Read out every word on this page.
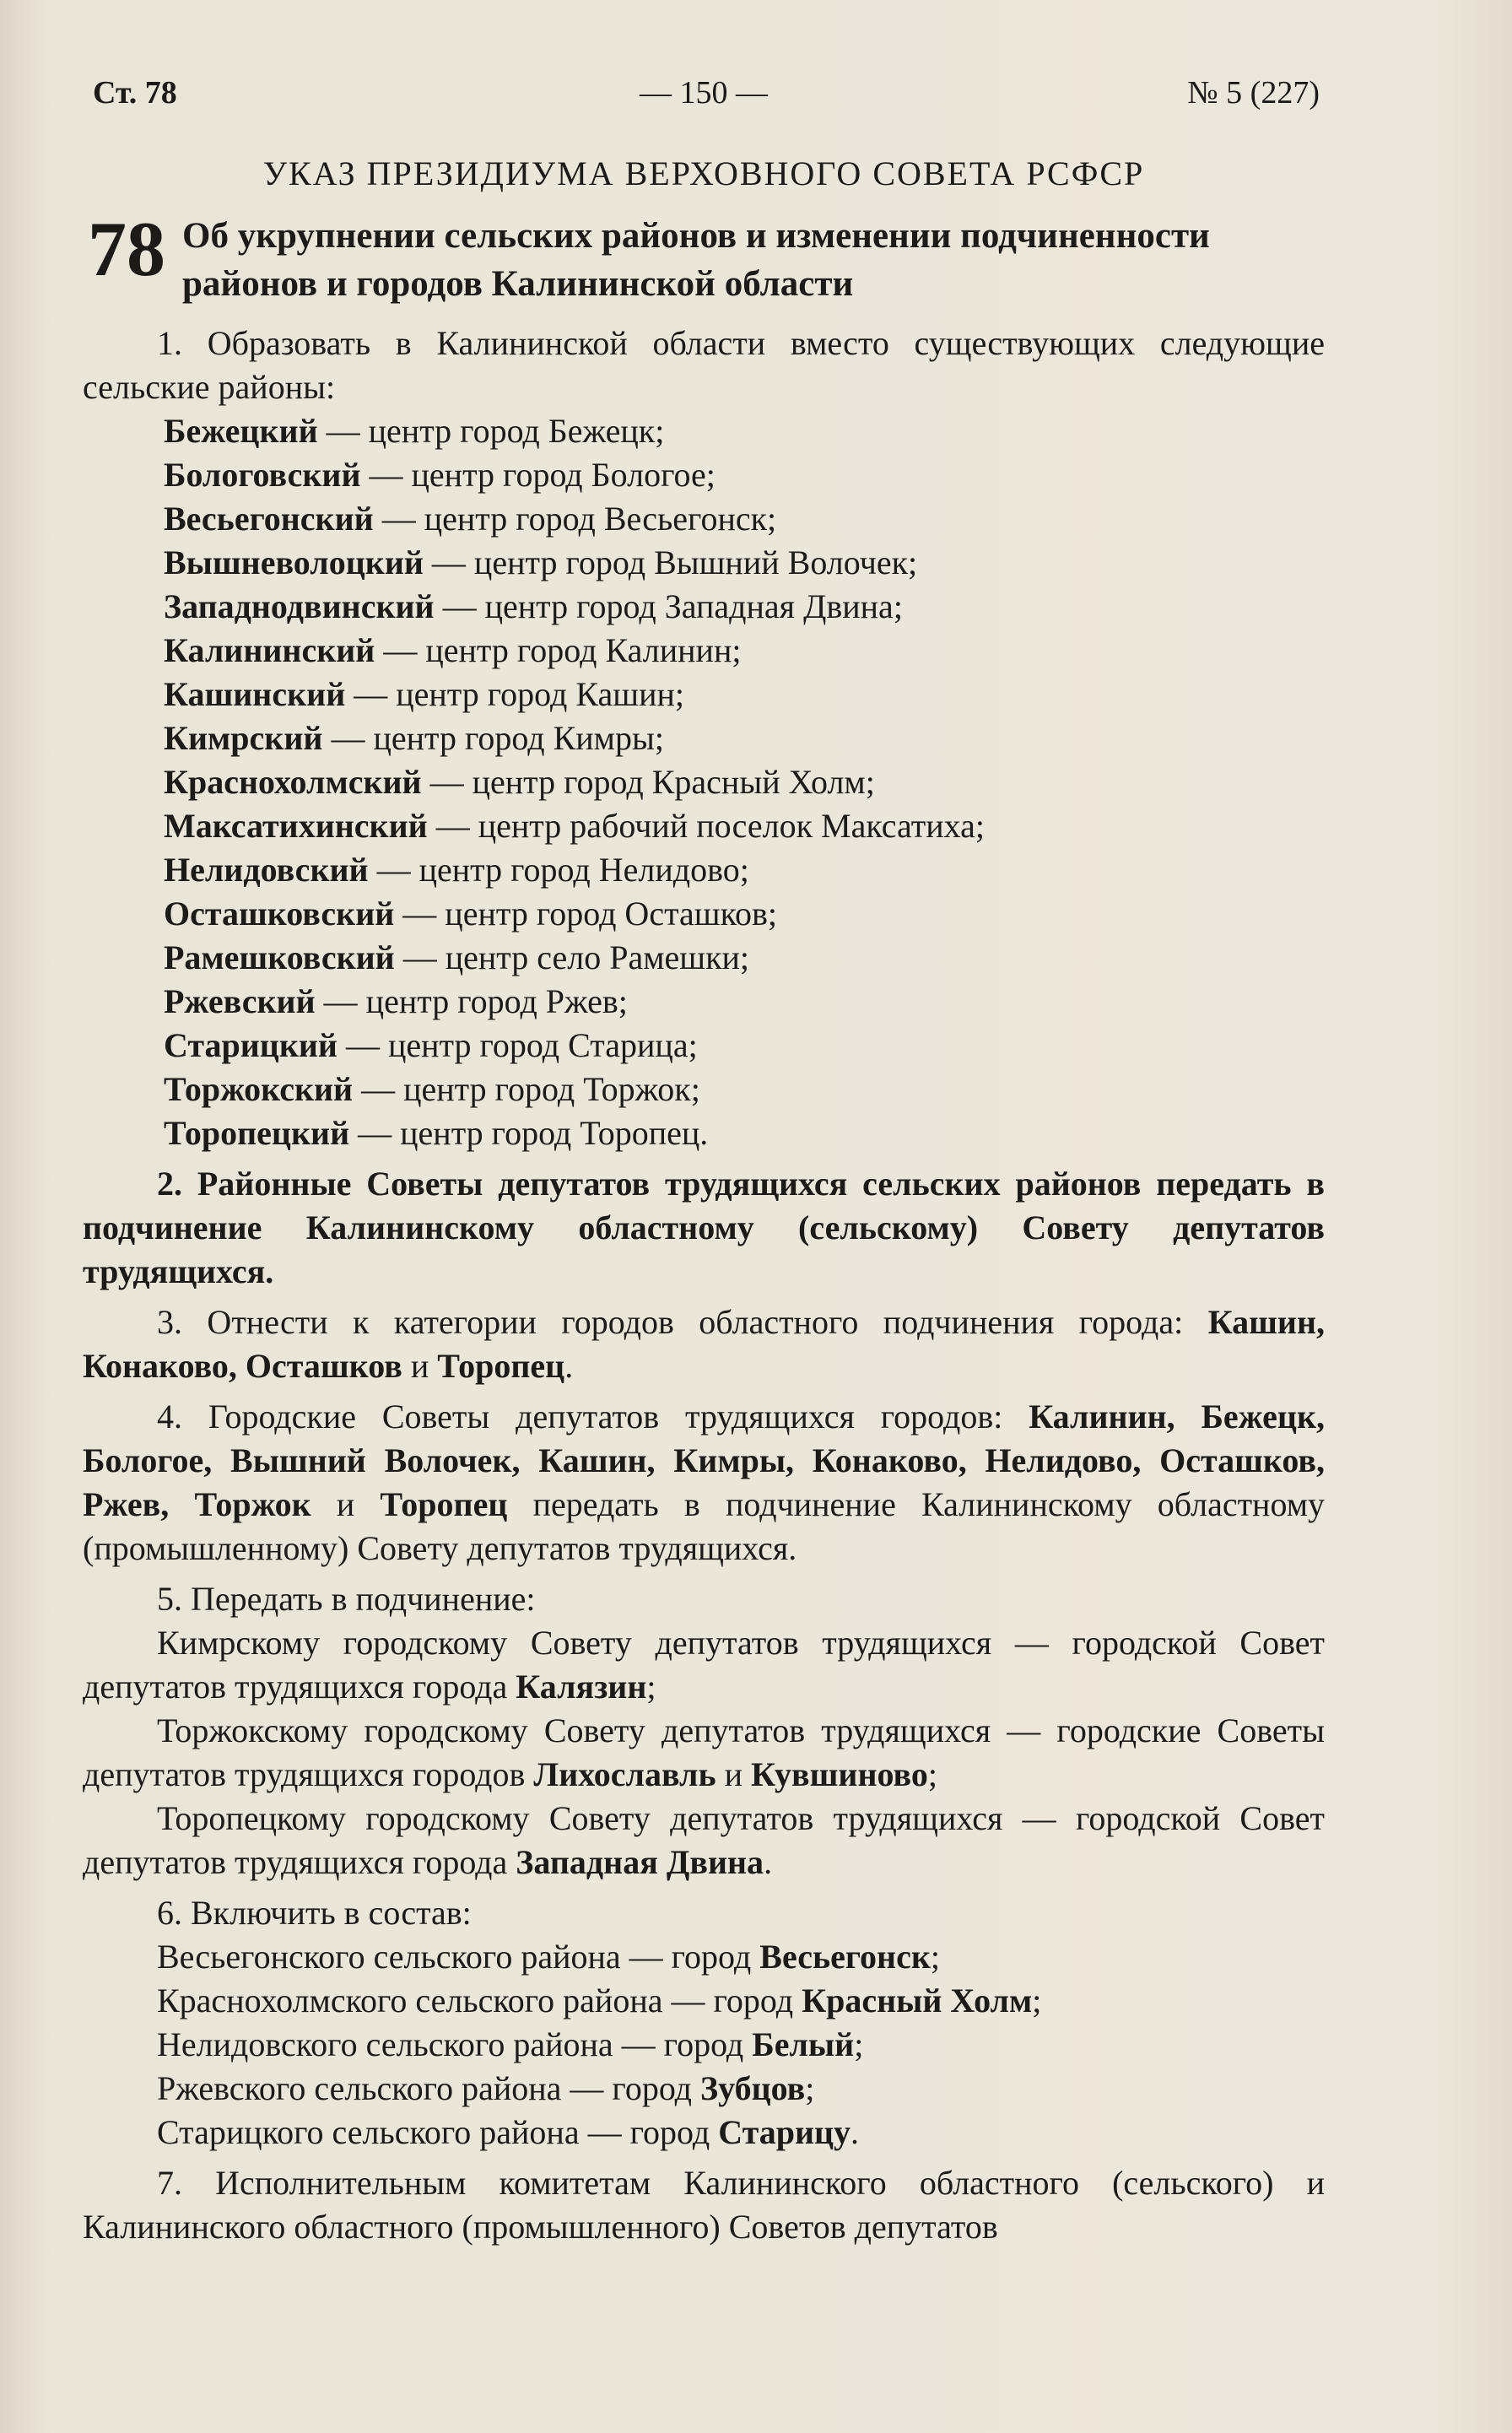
Ст. 78	— 150 —	№ 5 (227)
УКАЗ ПРЕЗИДИУМА ВЕРХОВНОГО СОВЕТА РСФСР
78 Об укрупнении сельских районов и изменении подчиненности районов и городов Калининской области

1. Образовать в Калининской области вместо существующих следующие сельские районы:

Бежецкий — центр город Бежецк;
Бологовский — центр город Бологое;
Весьегонский — центр город Весьегонск;
Вышневолоцкий — центр город Вышний Волочек;
Западнодвинский — центр город Западная Двина;
Калининский — центр город Калинин;
Кашинский — центр город Кашин;
Кимрский — центр город Кимры;
Краснохолмский — центр город Красный Холм;
Максатихинский — центр рабочий поселок Максатиха;
Нелидовский — центр город Нелидово;
Осташковский — центр город Осташков;
Рамешковский — центр село Рамешки;
Ржевский — центр город Ржев;
Старицкий — центр город Старица;
Торжокский — центр город Торжок;
Торопецкий — центр город Торопец.

2. Районные Советы депутатов трудящихся сельских районов передать в подчинение Калининскому областному (сельскому) Совету депутатов трудящихся.

3. Отнести к категории городов областного подчинения города: Кашин, Конаково, Осташков и Торопец.

4. Городские Советы депутатов трудящихся городов: Калинин, Бежецк, Бологое, Вышний Волочек, Кашин, Кимры, Конаково, Нелидово, Осташков, Ржев, Торжок и Торопец передать в подчинение Калининскому областному (промышленному) Совету депутатов трудящихся.

5. Передать в подчинение:

Кимрскому городскому Совету депутатов трудящихся — городской Совет депутатов трудящихся города Калязин;

Торжокскому городскому Совету депутатов трудящихся — городские Советы депутатов трудящихся городов Лихославль и Кувшиново;

Торопецкому городскому Совету депутатов трудящихся — городской Совет депутатов трудящихся города Западная Двина.

6. Включить в состав:

Весьегонского сельского района — город Весьегонск;

Краснохолмского сельского района — город Красный Холм;

Нелидовского сельского района — город Белый;

Ржевского сельского района — город Зубцов;

Старицкого сельского района — город Старицу.

7. Исполнительным комитетам Калининского областного (сельского) и Калининского областного (промышленного) Советов депутатов
